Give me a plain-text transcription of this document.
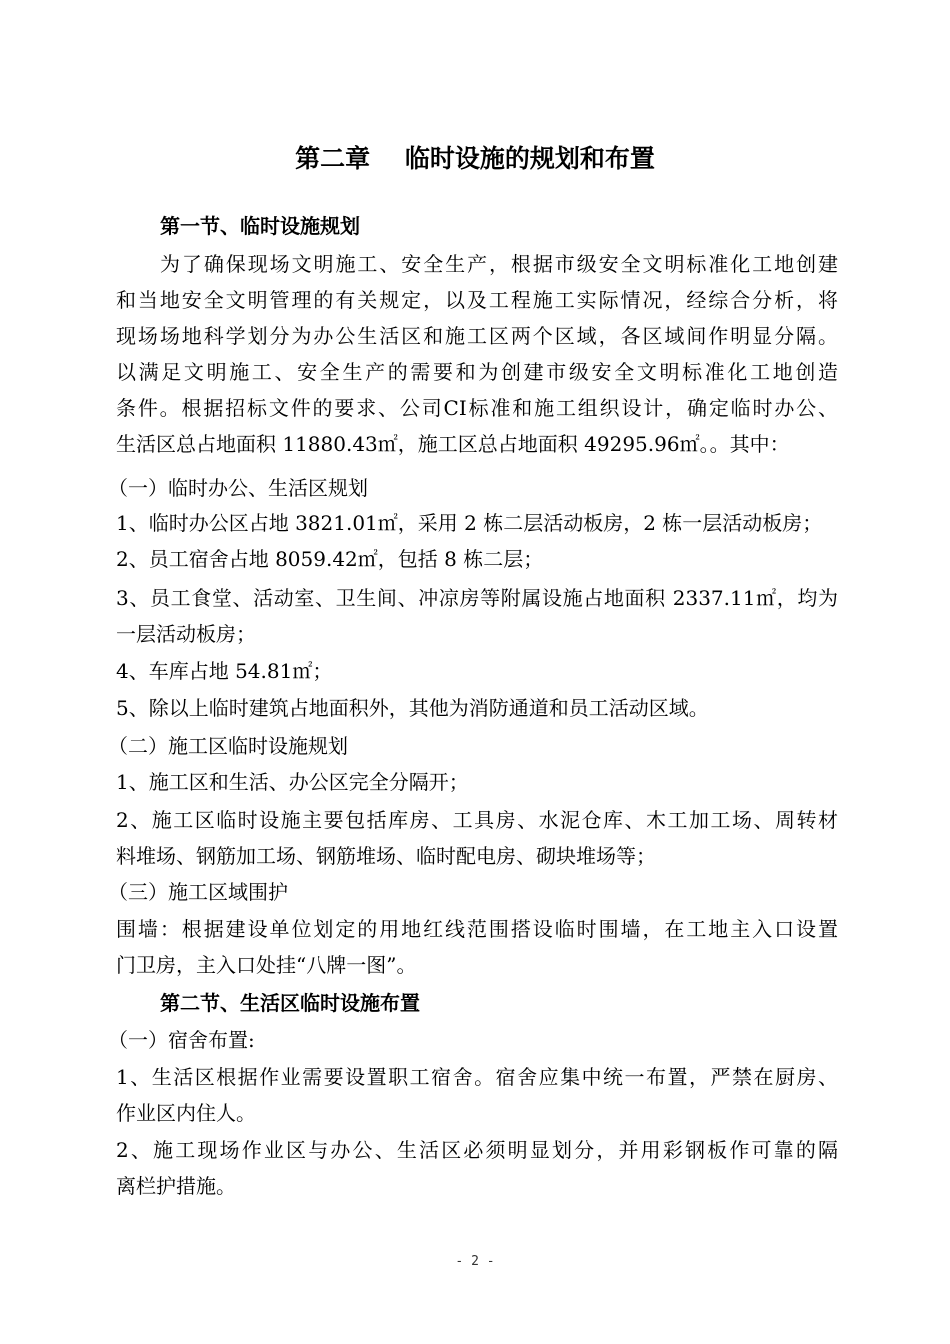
第二章    临时设施的规划和布置
第一节、临时设施规划
为了确保现场文明施工、安全生产，根据市级安全文明标准化工地创建
和当地安全文明管理的有关规定，以及工程施工实际情况，经综合分析，将
现场场地科学划分为办公生活区和施工区两个区域，各区域间作明显分隔。
以满足文明施工、安全生产的需要和为创建市级安全文明标准化工地创造
条件。根据招标文件的要求、公司CI标准和施工组织设计，确定临时办公、
生活区总占地面积 11880.43㎡，施工区总占地面积 49295.96㎡。。其中：
（一）临时办公、生活区规划
1、临时办公区占地 3821.01㎡，采用 2 栋二层活动板房，2 栋一层活动板房；
2、员工宿舍占地 8059.42㎡，包括 8 栋二层；
3、员工食堂、活动室、卫生间、冲凉房等附属设施占地面积 2337.11㎡，均为
一层活动板房；
4、车库占地 54.81㎡；
5、除以上临时建筑占地面积外，其他为消防通道和员工活动区域。
（二）施工区临时设施规划
1、施工区和生活、办公区完全分隔开；
2、施工区临时设施主要包括库房、工具房、水泥仓库、木工加工场、周转材
料堆场、钢筋加工场、钢筋堆场、临时配电房、砌块堆场等；
（三）施工区域围护
围墙：根据建设单位划定的用地红线范围搭设临时围墙，在工地主入口设置
门卫房，主入口处挂“八牌一图”。
第二节、生活区临时设施布置
（一）宿舍布置:
1、生活区根据作业需要设置职工宿舍。宿舍应集中统一布置，严禁在厨房、
作业区内住人。
2、施工现场作业区与办公、生活区必须明显划分，并用彩钢板作可靠的隔
离栏护措施。
- 2 -
